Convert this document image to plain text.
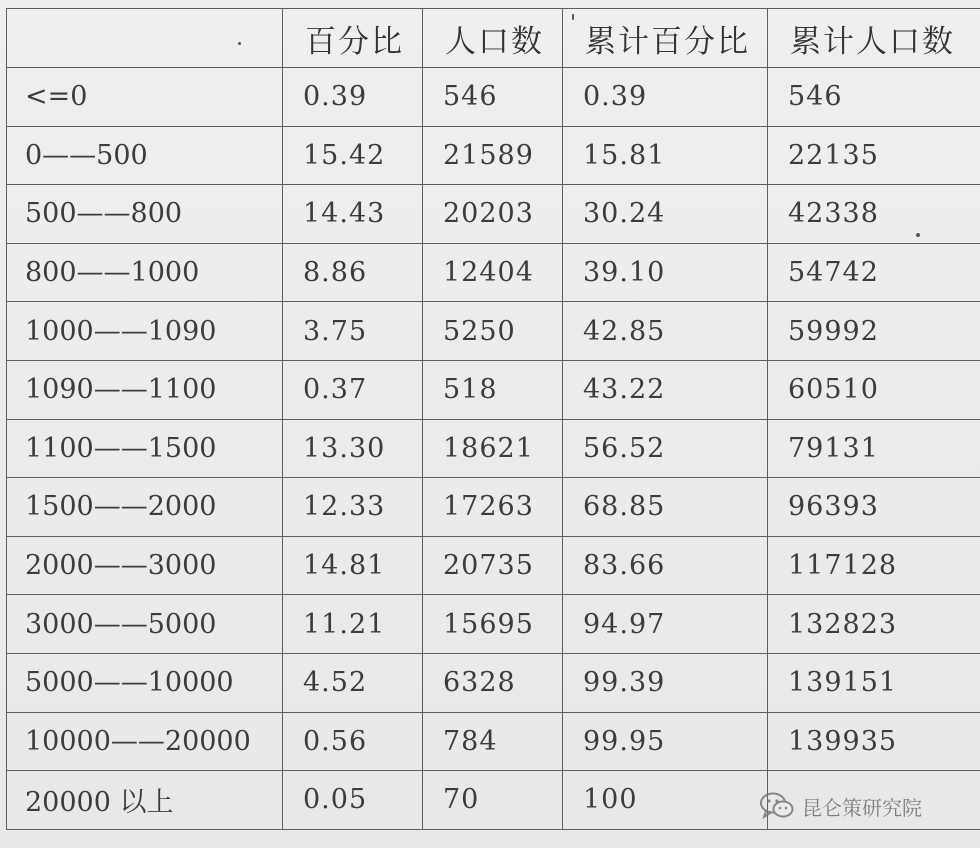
	百分比	人口数	累计百分比	累计人口数
<=0	0.39	546	0.39	546
0——500	15.42	21589	15.81	22135
500——800	14.43	20203	30.24	42338
800——1000	8.86	12404	39.10	54742
1000——1090	3.75	5250	42.85	59992
1090——1100	0.37	518	43.22	60510
1100——1500	13.30	18621	56.52	79131
1500——2000	12.33	17263	68.85	96393
2000——3000	14.81	20735	83.66	117128
3000——5000	11.21	15695	94.97	132823
5000——10000	4.52	6328	99.39	139151
10000——20000	0.56	784	99.95	139935
20000 以上	0.05	70	100		昆仑策研究院
